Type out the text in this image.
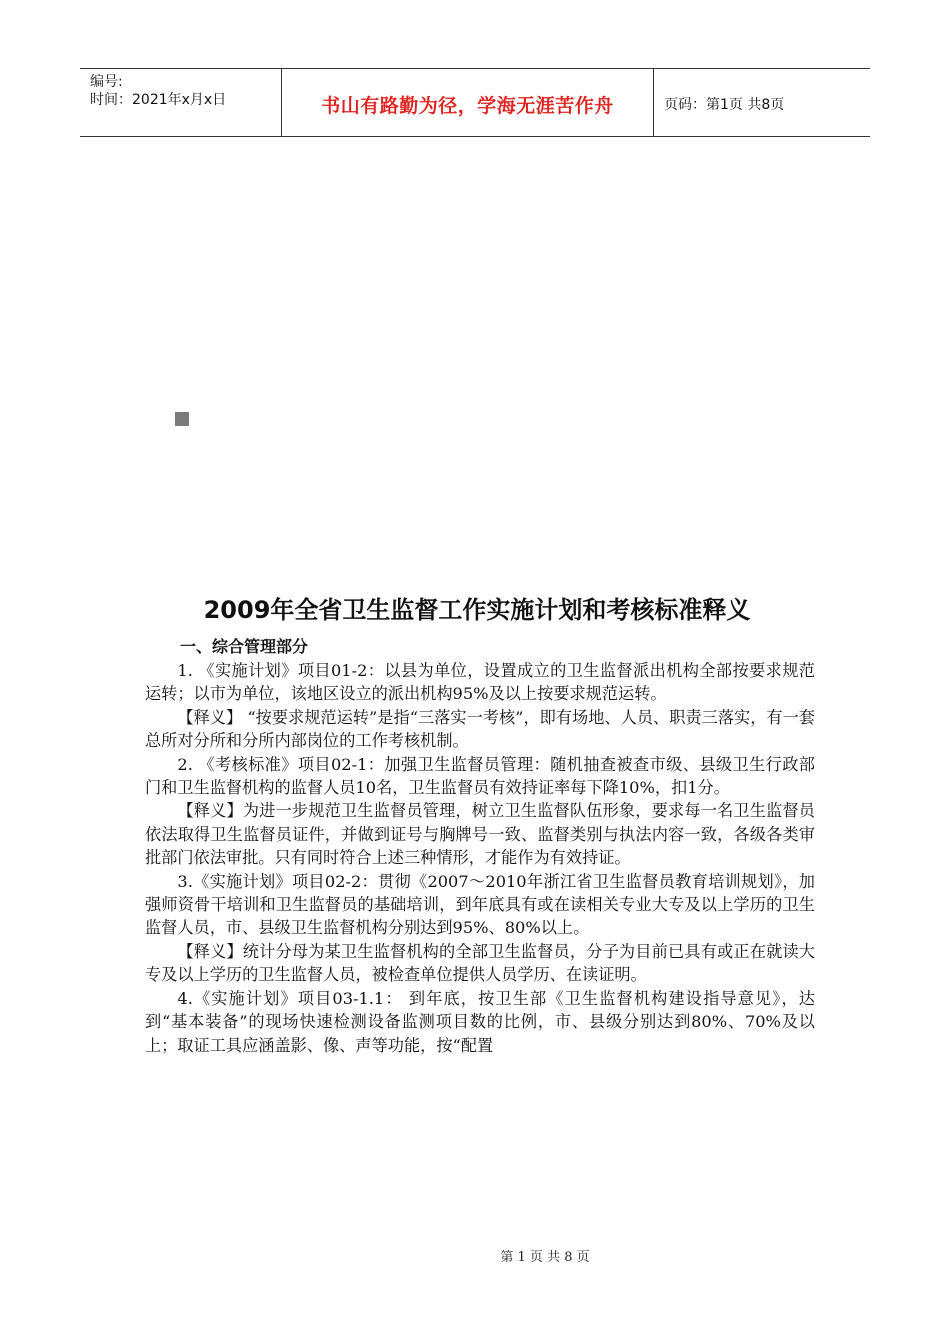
编号:
时间：2021年x月x日	书山有路勤为径，学海无涯苦作舟	页码：第1页 共8页
2009年全省卫生监督工作实施计划和考核标准释义
一、综合管理部分

1. 《实施计划》项目01-2：以县为单位，设置成立的卫生监督派出机构全部按要求规范运转；以市为单位，该地区设立的派出机构95%及以上按要求规范运转。

【释义】 “按要求规范运转”是指“三落实一考核”，即有场地、人员、职责三落实，有一套总所对分所和分所内部岗位的工作考核机制。

2. 《考核标准》项目02-1：加强卫生监督员管理：随机抽查被查市级、县级卫生行政部门和卫生监督机构的监督人员10名，卫生监督员有效持证率每下降10%，扣1分。

【释义】为进一步规范卫生监督员管理，树立卫生监督队伍形象，要求每一名卫生监督员依法取得卫生监督员证件，并做到证号与胸牌号一致、监督类别与执法内容一致，各级各类审批部门依法审批。只有同时符合上述三种情形，才能作为有效持证。

3.《实施计划》项目02-2：贯彻《2007～2010年浙江省卫生监督员教育培训规划》，加强师资骨干培训和卫生监督员的基础培训，到年底具有或在读相关专业大专及以上学历的卫生监督人员，市、县级卫生监督机构分别达到95%、80%以上。

【释义】统计分母为某卫生监督机构的全部卫生监督员，分子为目前已具有或正在就读大专及以上学历的卫生监督人员，被检查单位提供人员学历、在读证明。

4.《实施计划》项目03-1.1： 到年底，按卫生部《卫生监督机构建设指导意见》，达到“基本装备”的现场快速检测设备监测项目数的比例，市、县级分别达到80%、70%及以上；取证工具应涵盖影、像、声等功能，按“配置

第 1 页 共 8 页
